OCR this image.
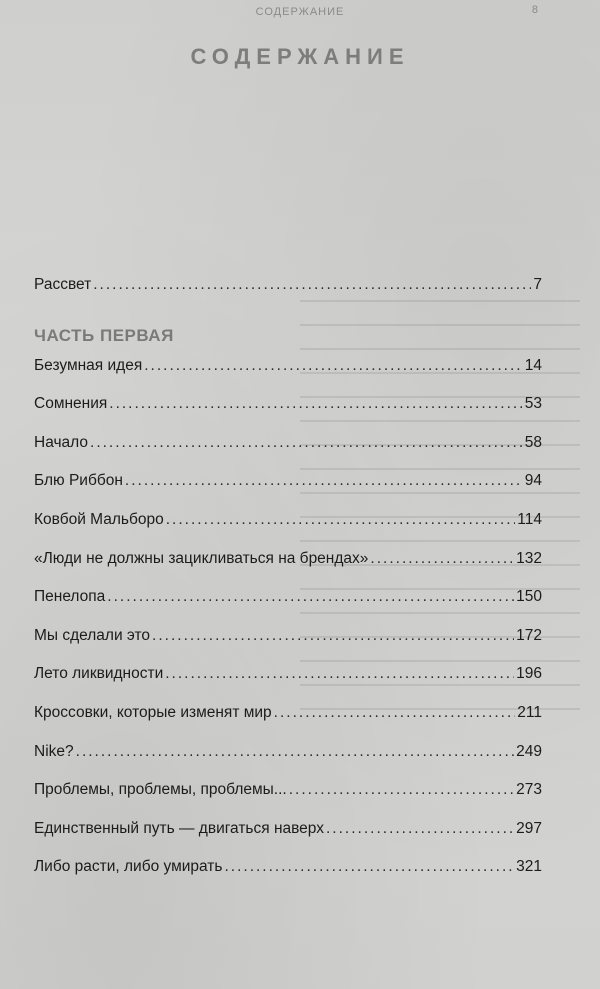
СОДЕРЖАНИЕ	8
СОДЕРЖАНИЕ
Рассвет .....	7
ЧАСТЬ ПЕРВАЯ
Безумная идея .....	14
Сомнения .....	53
Начало .....	58
Блю Риббон .....	94
Ковбой Мальборо .....	114
«Люди не должны зацикливаться на брендах» .....	132
Пенелопа .....	150
Мы сделали это .....	172
Лето ликвидности .....	196
Кроссовки, которые изменят мир .....	211
Nike? .....	249
Проблемы, проблемы, проблемы... .....	273
Единственный путь — двигаться наверх .....	297
Либо расти, либо умирать .....	321
